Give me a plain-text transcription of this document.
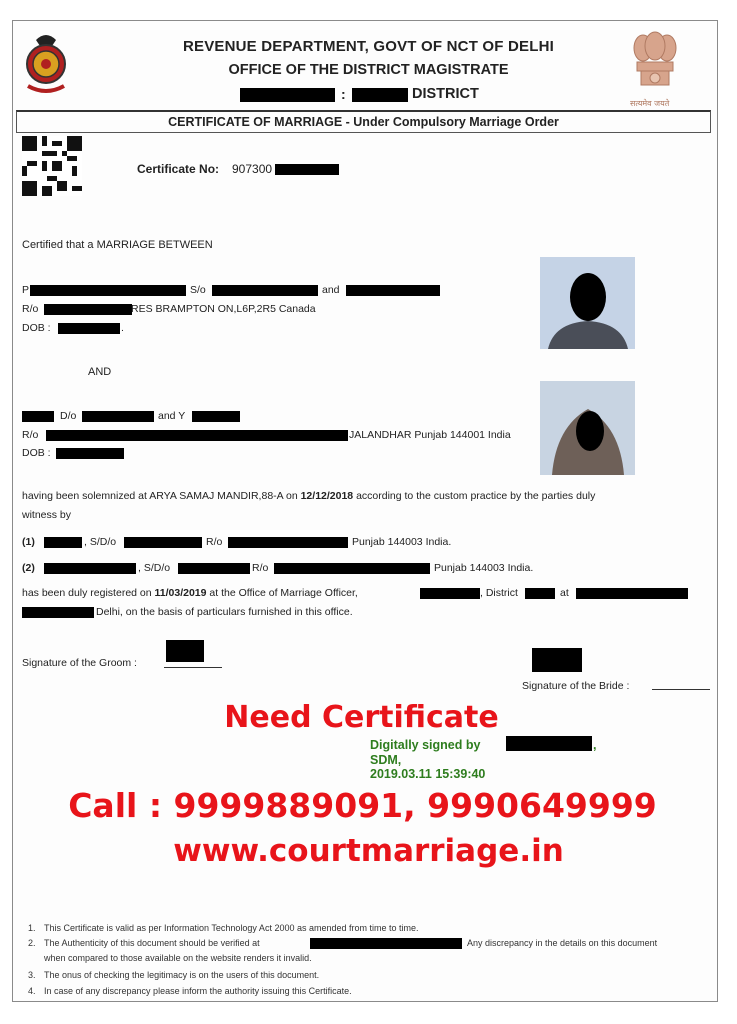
सत्यमेव जयते
REVENUE DEPARTMENT, GOVT OF NCT OF DELHI
OFFICE OF THE DISTRICT MAGISTRATE
:	DISTRICT
CERTIFICATE OF MARRIAGE - Under Compulsory Marriage Order
Certificate No: 907300
Certified that a MARRIAGE BETWEEN
P	S/o	and
R/o	RES BRAMPTON ON,L6P,2R5 Canada
DOB :	.
AND
D/o	and Y
R/o	JALANDHAR Punjab 144001 India
DOB :
having been solemnized at ARYA SAMAJ MANDIR,88-A on 12/12/2018 according to the custom practice by the parties duly
witness by
(1)	, S/D/o	R/o	Punjab 144003 India.
(2)	, S/D/o	R/o	Punjab 144003 India.
has been duly registered on 11/03/2019 at the Office of Marriage Officer,	, District	at
Delhi, on the basis of particulars furnished in this office.
Signature of the Groom :
Signature of the Bride :
Need Certificate
Digitally signed by	,
SDM,
2019.03.11 15:39:40
Call : 9999889091, 9990649999
www.courtmarriage.in
1. This Certificate is valid as per Information Technology Act 2000 as amended from time to time.
2. The Authenticity of this document should be verified at	Any discrepancy in the details on this document
when compared to those available on the website renders it invalid.
3. The onus of checking the legitimacy is on the users of this document.
4. In case of any discrepancy please inform the authority issuing this Certificate.
